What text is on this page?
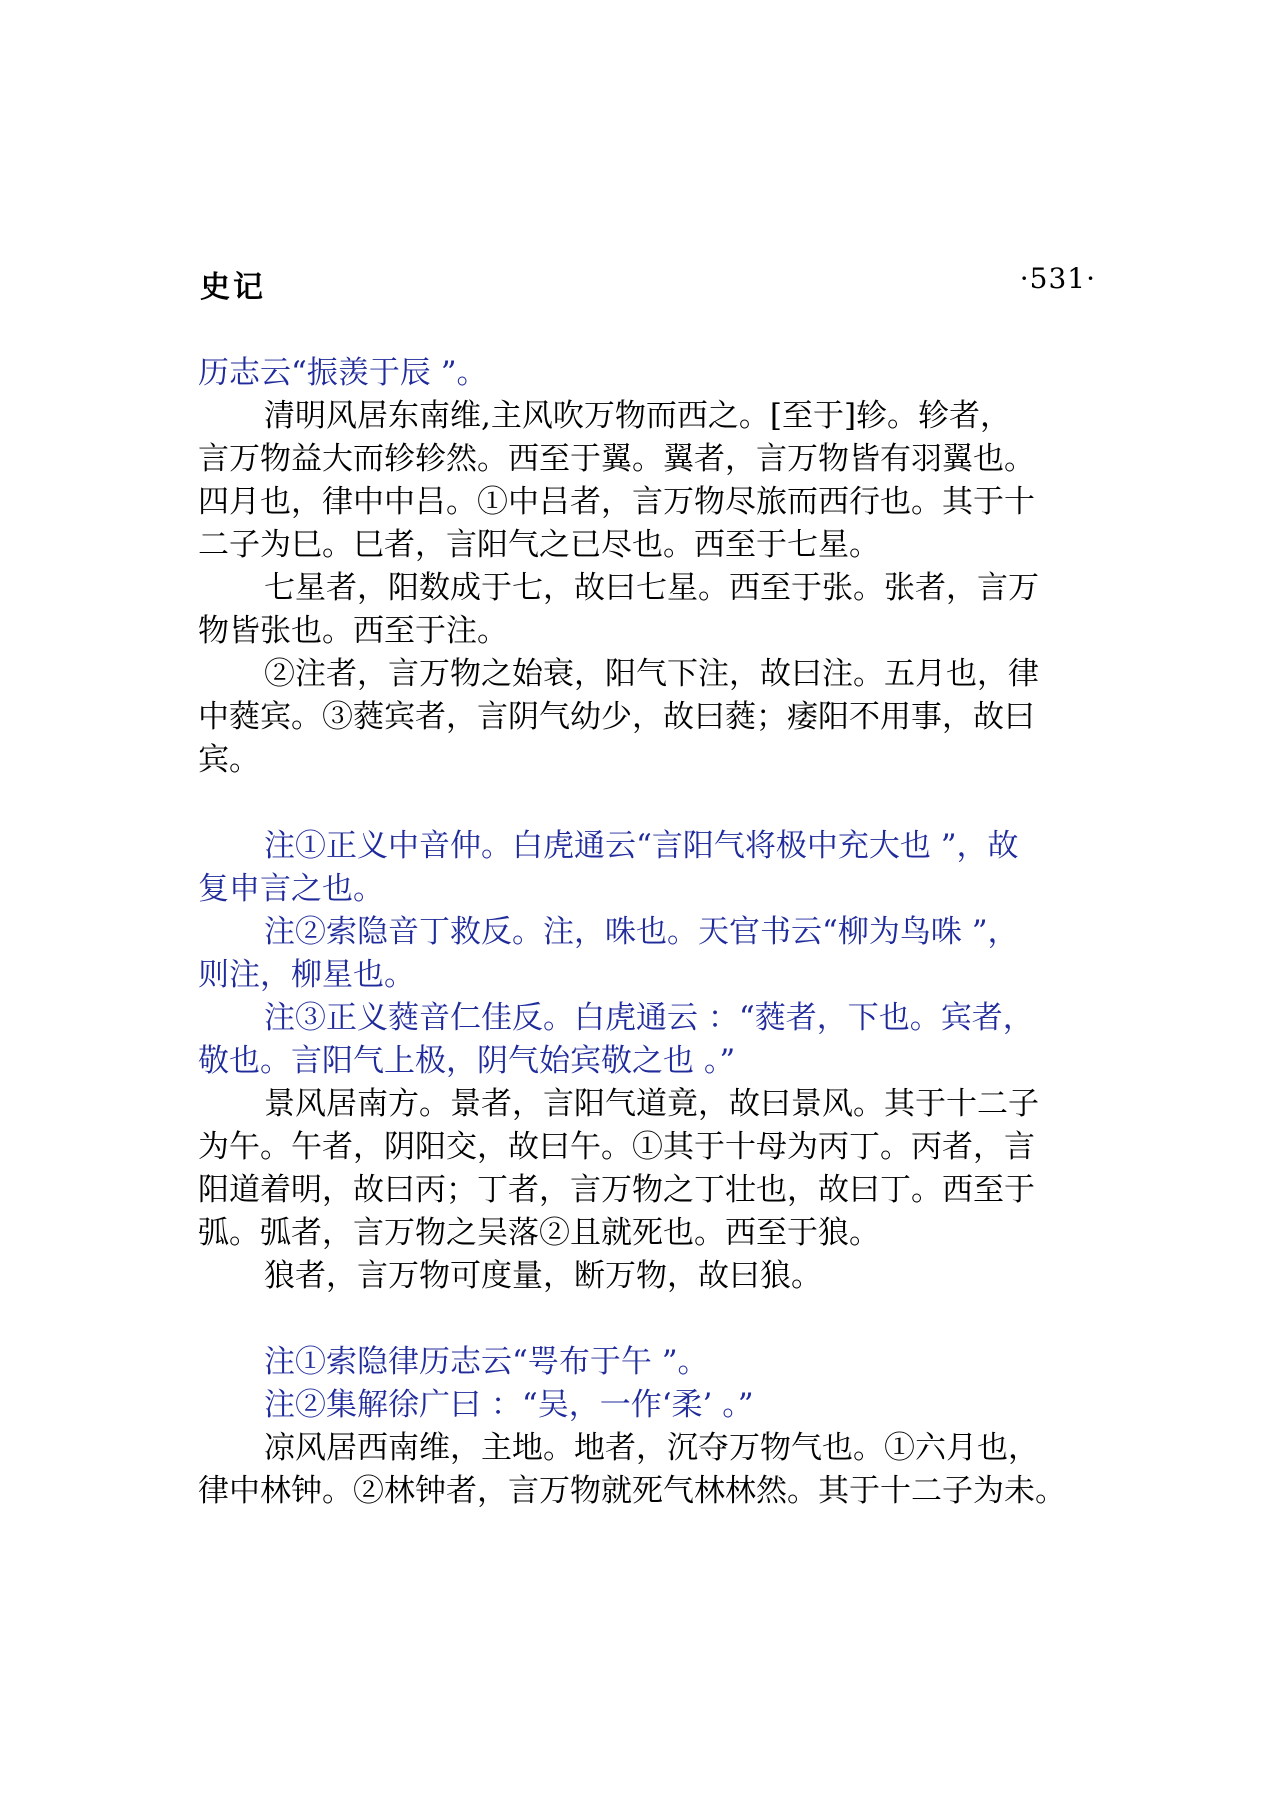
史记	·531·
历志云“振羡于辰 ”。
清明风居东南维,主风吹万物而西之。[至于]轸。轸者，
言万物益大而轸轸然。西至于翼。翼者，言万物皆有羽翼也。
四月也，律中中吕。①中吕者，言万物尽旅而西行也。其于十
二子为巳。巳者，言阳气之已尽也。西至于七星。
七星者，阳数成于七，故曰七星。西至于张。张者，言万
物皆张也。西至于注。
②注者，言万物之始衰，阳气下注，故曰注。五月也，律
中蕤宾。③蕤宾者，言阴气幼少，故曰蕤；痿阳不用事，故曰
宾。
注①正义中音仲。白虎通云“言阳气将极中充大也 ”，故
复申言之也。
注②索隐音丁救反。注，咮也。天官书云“柳为鸟咮 ”，
则注，柳星也。
注③正义蕤音仁佳反。白虎通云 ：“蕤者，下也。宾者，
敬也。言阳气上极，阴气始宾敬之也 。”
景风居南方。景者，言阳气道竟，故曰景风。其于十二子
为午。午者，阴阳交，故曰午。①其于十母为丙丁。丙者，言
阳道着明，故曰丙；丁者，言万物之丁壮也，故曰丁。西至于
弧。弧者，言万物之吴落②且就死也。西至于狼。
狼者，言万物可度量，断万物，故曰狼。
注①索隐律历志云“咢布于午 ”。
注②集解徐广曰 ：“吴，一作‘柔’ 。”
凉风居西南维，主地。地者，沉夺万物气也。①六月也，
律中林钟。②林钟者，言万物就死气林林然。其于十二子为未。
